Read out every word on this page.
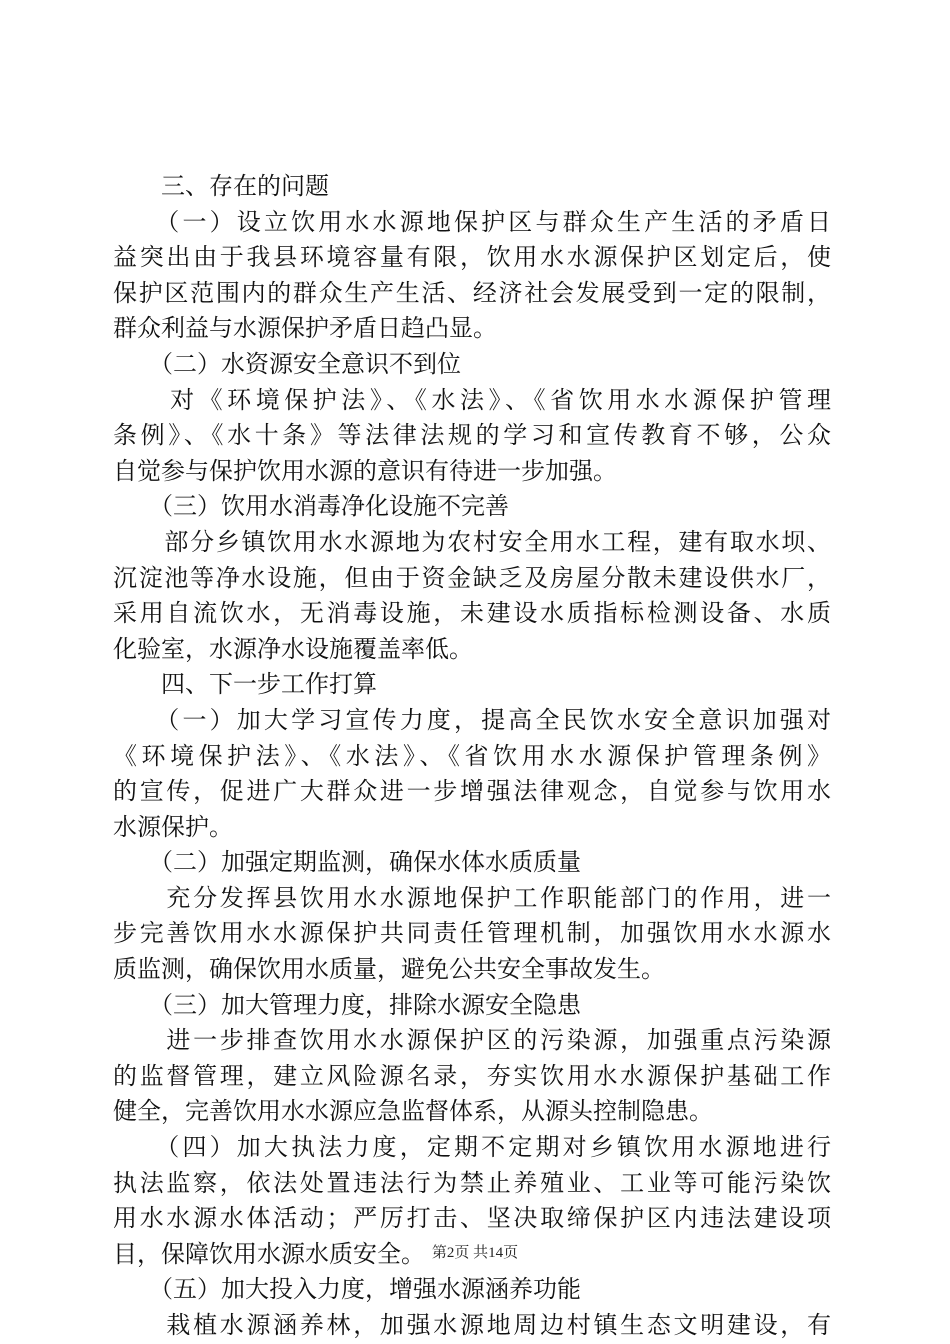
　　三、存在的问题
　　（一）设立饮用水水源地保护区与群众生产生活的矛盾日
益突出由于我县环境容量有限，饮用水水源保护区划定后，使
保护区范围内的群众生产生活、经济社会发展受到一定的限制，
群众利益与水源保护矛盾日趋凸显。
　　（二）水资源安全意识不到位
　　对《环境保护法》、《水法》、《省饮用水水源保护管理
条例》、《水十条》等法律法规的学习和宣传教育不够，公众
自觉参与保护饮用水源的意识有待进一步加强。
　　（三）饮用水消毒净化设施不完善
　　部分乡镇饮用水水源地为农村安全用水工程，建有取水坝、
沉淀池等净水设施，但由于资金缺乏及房屋分散未建设供水厂，
采用自流饮水，无消毒设施，未建设水质指标检测设备、水质
化验室，水源净水设施覆盖率低。
　　四、下一步工作打算
　　（一）加大学习宣传力度，提高全民饮水安全意识加强对
《环境保护法》、《水法》、《省饮用水水源保护管理条例》
的宣传，促进广大群众进一步增强法律观念，自觉参与饮用水
水源保护。
　　（二）加强定期监测，确保水体水质质量
　　充分发挥县饮用水水源地保护工作职能部门的作用，进一
步完善饮用水水源保护共同责任管理机制，加强饮用水水源水
质监测，确保饮用水质量，避免公共安全事故发生。
　　（三）加大管理力度，排除水源安全隐患
　　进一步排查饮用水水源保护区的污染源，加强重点污染源
的监督管理，建立风险源名录，夯实饮用水水源保护基础工作
健全，完善饮用水水源应急监督体系，从源头控制隐患。
　　（四）加大执法力度，定期不定期对乡镇饮用水源地进行
执法监察，依法处置违法行为禁止养殖业、工业等可能污染饮
用水水源水体活动；严厉打击、坚决取缔保护区内违法建设项
目，保障饮用水源水质安全。
　　（五）加大投入力度，增强水源涵养功能
　　栽植水源涵养林，加强水源地周边村镇生态文明建设，有
第2页 共14页
